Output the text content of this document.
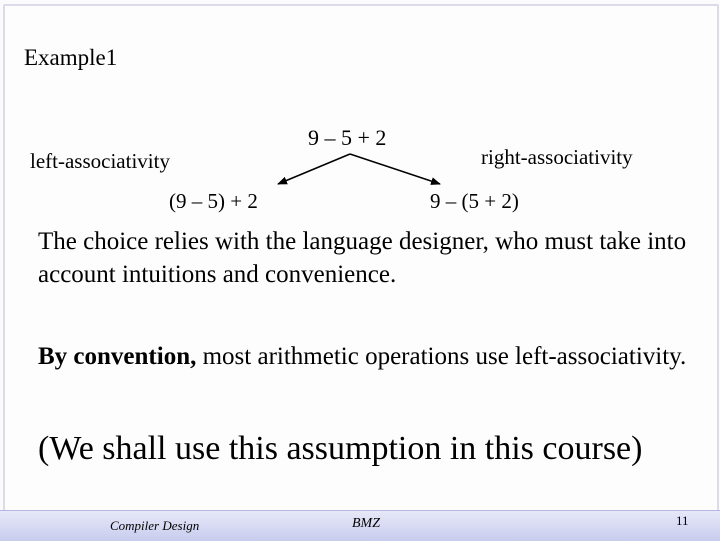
Example1
9 – 5 + 2
left-associativity	right-associativity
(9 – 5) + 2	9 – (5 + 2)
The choice relies with the language designer, who must take into account intuitions and convenience.
By convention, most arithmetic operations use left-associativity.
(We shall use this assumption in this course)
Compiler Design	BMZ	11
